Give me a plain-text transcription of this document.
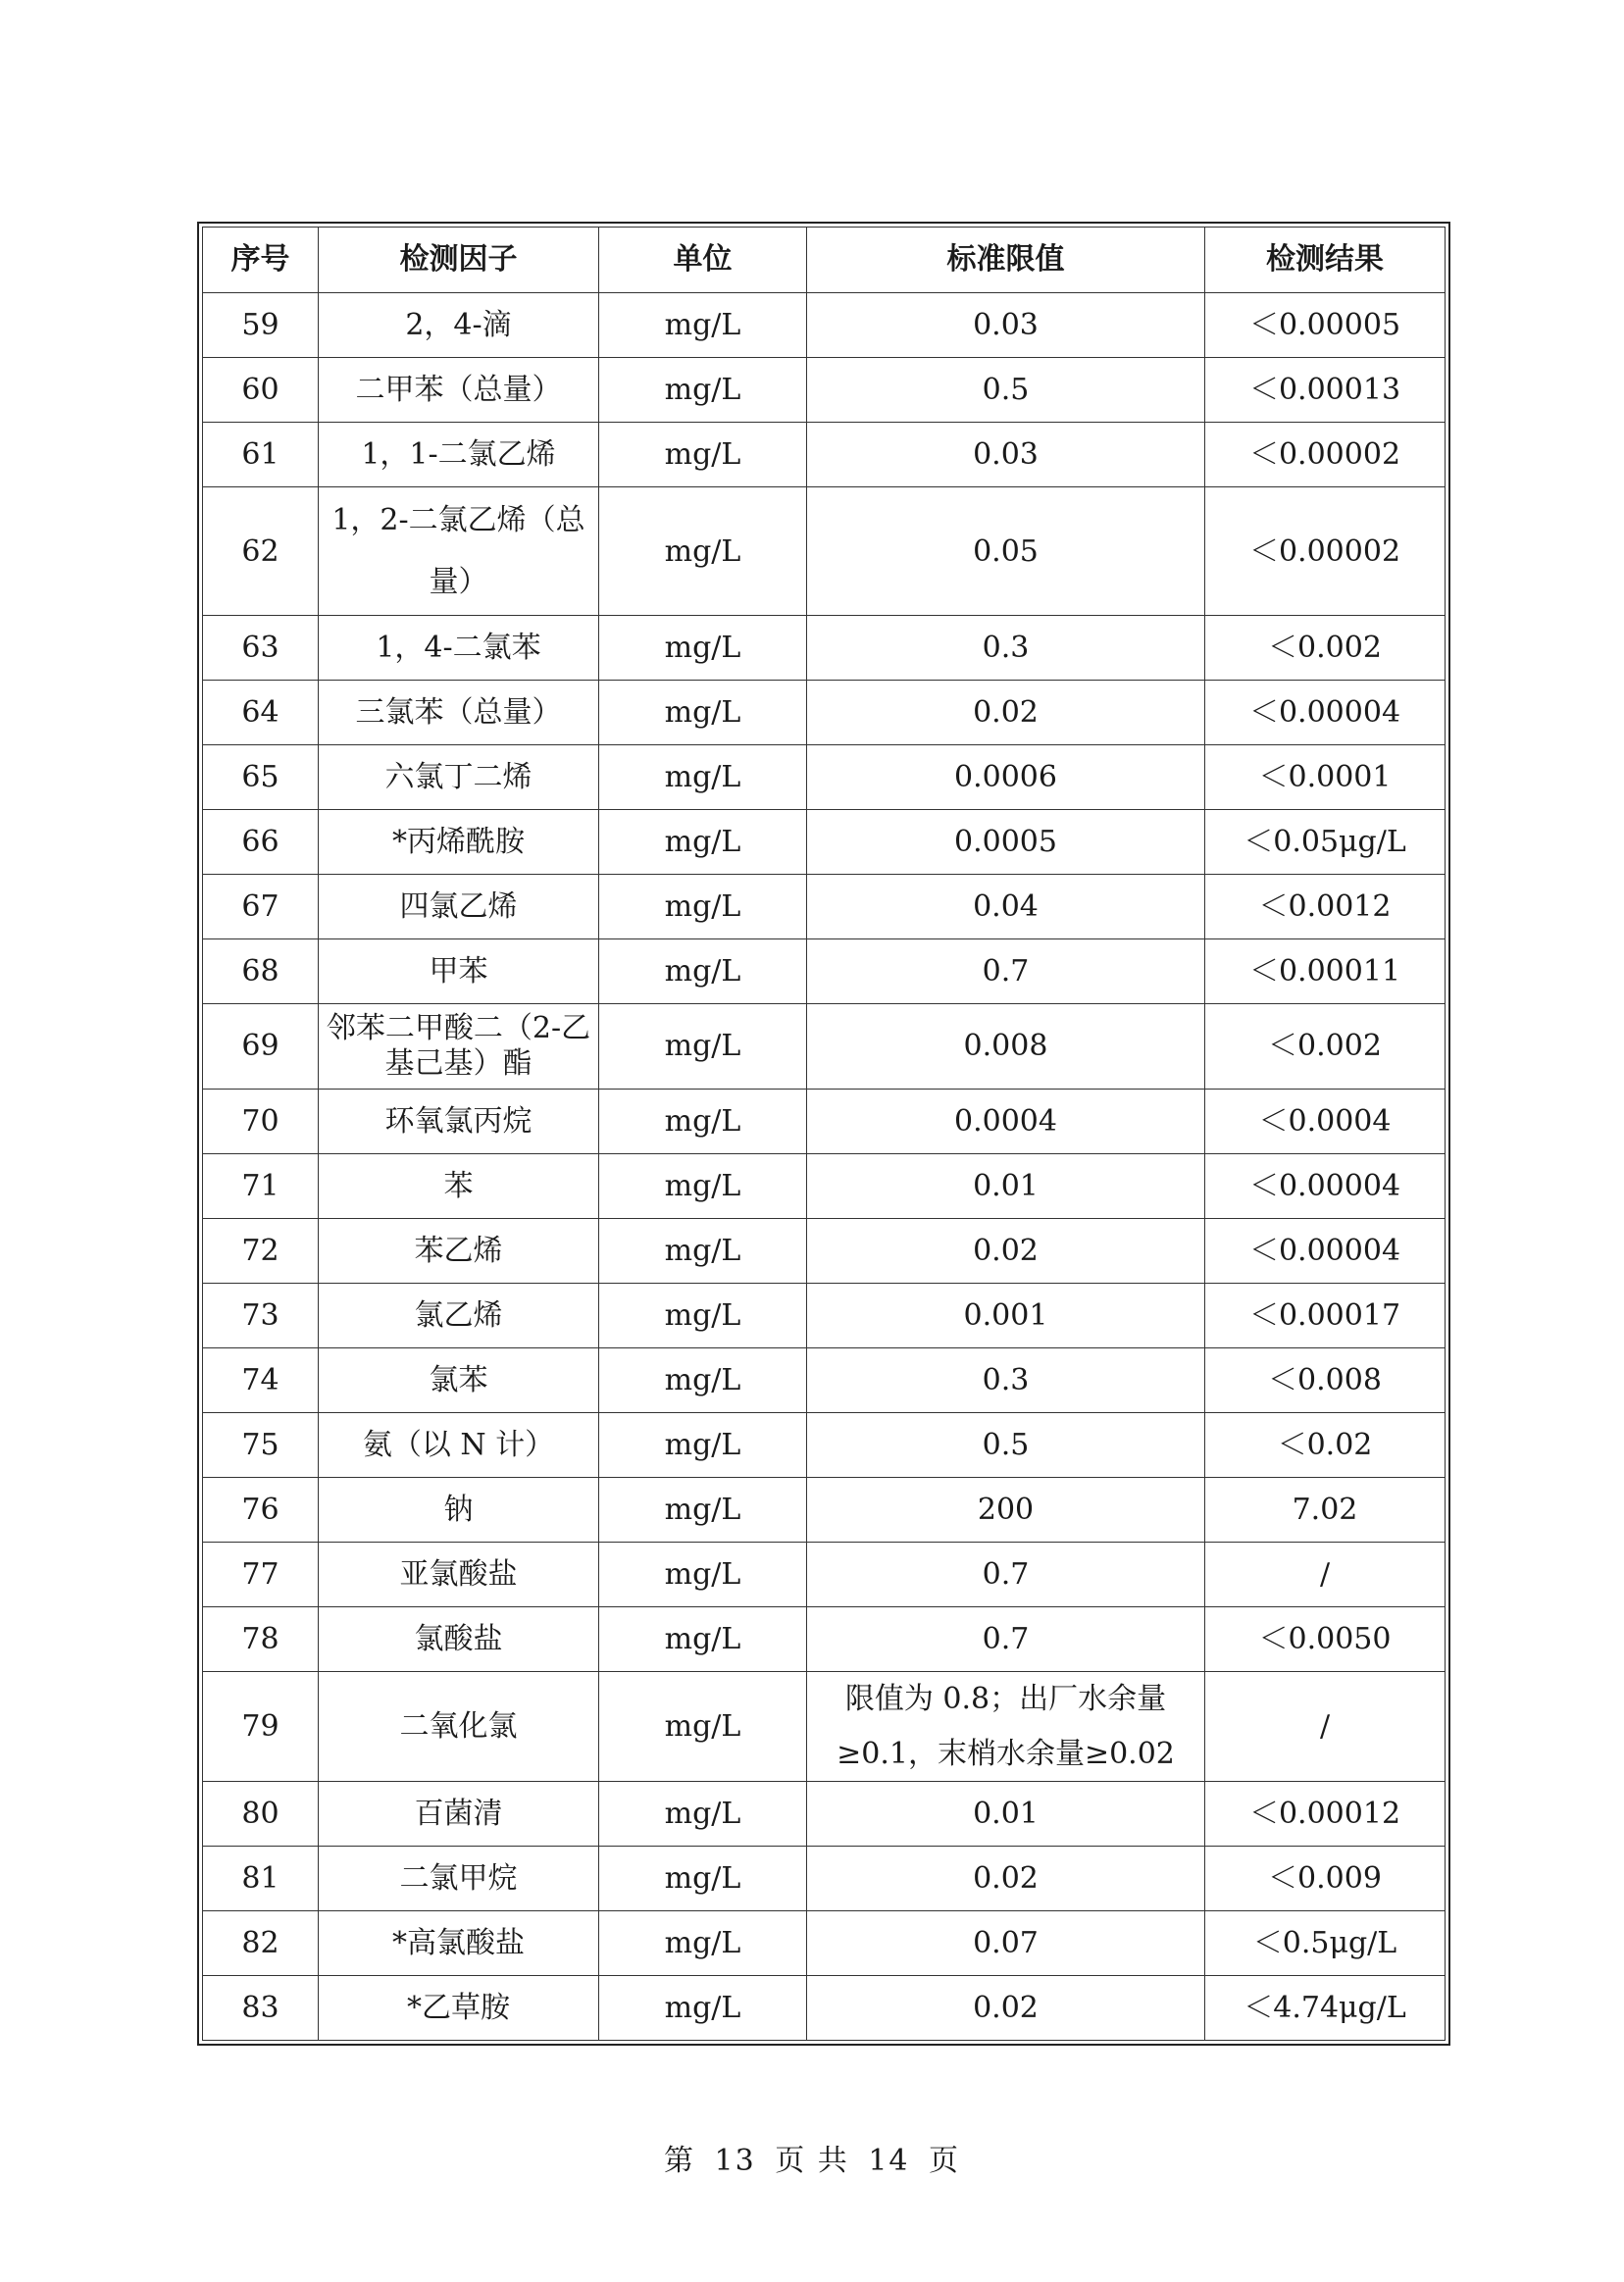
序号	检测因子	单位	标准限值	检测结果
59	2，4-滴	mg/L	0.03	＜0.00005
60	二甲苯（总量）	mg/L	0.5	＜0.00013
61	1，1-二氯乙烯	mg/L	0.03	＜0.00002
62	1，2-二氯乙烯（总量）	mg/L	0.05	＜0.00002
63	1，4-二氯苯	mg/L	0.3	＜0.002
64	三氯苯（总量）	mg/L	0.02	＜0.00004
65	六氯丁二烯	mg/L	0.0006	＜0.0001
66	*丙烯酰胺	mg/L	0.0005	＜0.05μg/L
67	四氯乙烯	mg/L	0.04	＜0.0012
68	甲苯	mg/L	0.7	＜0.00011
69	邻苯二甲酸二（2-乙基己基）酯	mg/L	0.008	＜0.002
70	环氧氯丙烷	mg/L	0.0004	＜0.0004
71	苯	mg/L	0.01	＜0.00004
72	苯乙烯	mg/L	0.02	＜0.00004
73	氯乙烯	mg/L	0.001	＜0.00017
74	氯苯	mg/L	0.3	＜0.008
75	氨（以 N 计）	mg/L	0.5	＜0.02
76	钠	mg/L	200	7.02
77	亚氯酸盐	mg/L	0.7	/
78	氯酸盐	mg/L	0.7	＜0.0050
79	二氧化氯	mg/L	限值为 0.8；出厂水余量≥0.1，末梢水余量≥0.02	/
80	百菌清	mg/L	0.01	＜0.00012
81	二氯甲烷	mg/L	0.02	＜0.009
82	*高氯酸盐	mg/L	0.07	＜0.5μg/L
83	*乙草胺	mg/L	0.02	＜4.74μg/L
第 13 页 共 14 页
